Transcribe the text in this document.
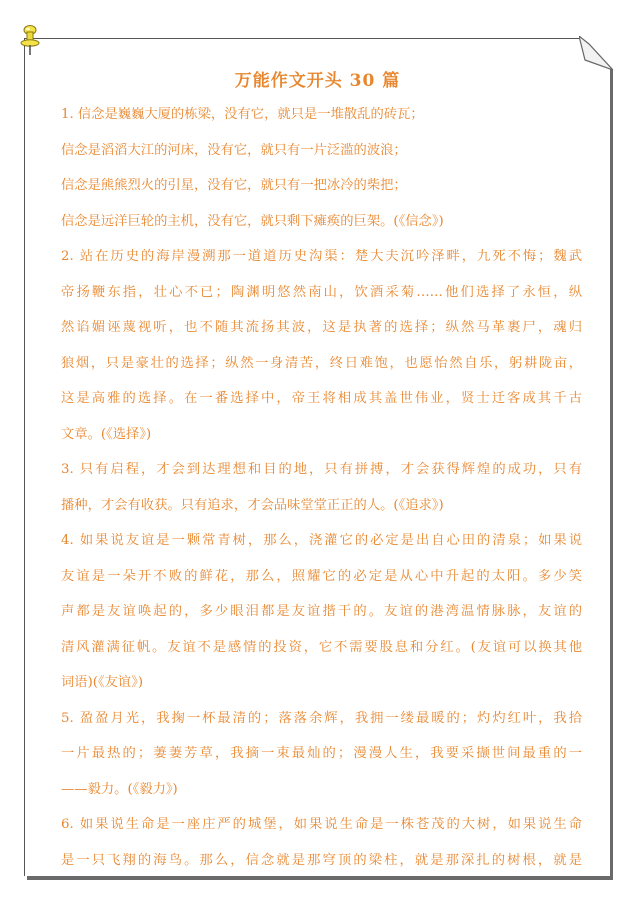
万能作文开头 30 篇
1. 信念是巍巍大厦的栋梁，没有它，就只是一堆散乱的砖瓦；
信念是滔滔大江的河床，没有它，就只有一片泛滥的波浪；
信念是熊熊烈火的引星，没有它，就只有一把冰冷的柴把；
信念是远洋巨轮的主机，没有它，就只剩下瘫痪的巨架。(《信念》)
2. 站在历史的海岸漫溯那一道道历史沟渠：楚大夫沉吟泽畔，九死不悔；魏武
帝扬鞭东指，壮心不已；陶渊明悠然南山，饮酒采菊……他们选择了永恒，纵
然谄媚诬蔑视听，也不随其流扬其波，这是执著的选择；纵然马革裹尸，魂归
狼烟，只是豪壮的选择；纵然一身清苦，终日难饱，也愿怡然自乐，躬耕陇亩，
这是高雅的选择。在一番选择中，帝王将相成其盖世伟业，贤士迁客成其千古
文章。(《选择》)
3. 只有启程，才会到达理想和目的地，只有拼搏，才会获得辉煌的成功，只有
播种，才会有收获。只有追求，才会品味堂堂正正的人。(《追求》)
4. 如果说友谊是一颗常青树，那么，浇灌它的必定是出自心田的清泉；如果说
友谊是一朵开不败的鲜花，那么，照耀它的必定是从心中升起的太阳。多少笑
声都是友谊唤起的，多少眼泪都是友谊揩干的。友谊的港湾温情脉脉，友谊的
清风灌满征帆。友谊不是感情的投资，它不需要股息和分红。(友谊可以换其他
词语)(《友谊》)
5. 盈盈月光，我掬一杯最清的；落落余辉，我拥一缕最暖的；灼灼红叶，我拾
一片最热的；萋萋芳草，我摘一束最灿的；漫漫人生，我要采撷世间最重的一
——毅力。(《毅力》)
6. 如果说生命是一座庄严的城堡，如果说生命是一株苍茂的大树，如果说生命
是一只飞翔的海鸟。那么，信念就是那穹顶的梁柱，就是那深扎的树根，就是
